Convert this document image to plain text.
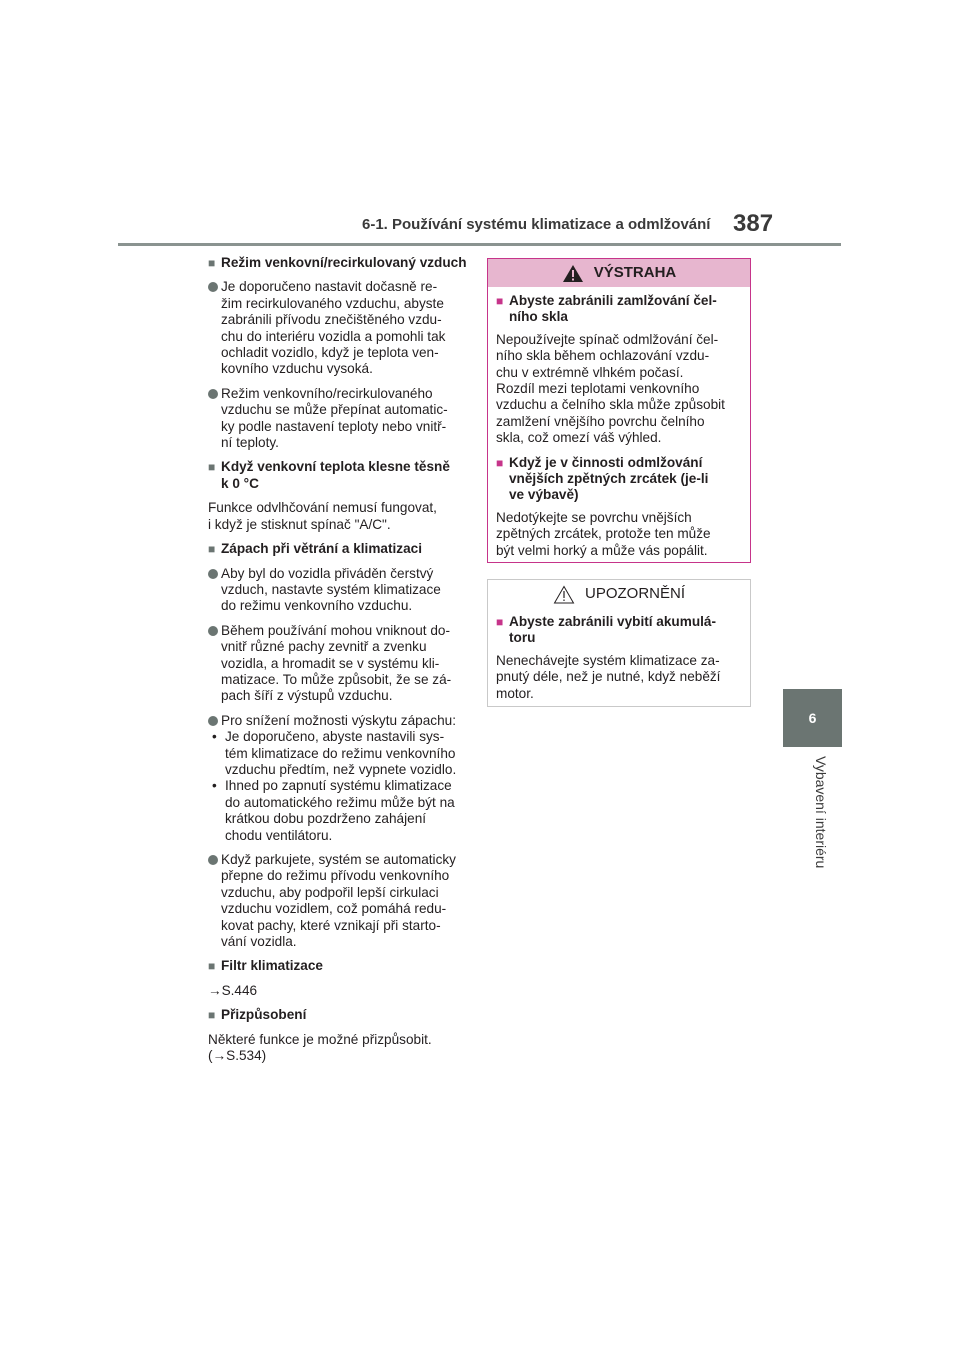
6-1. Používání systému klimatizace a odmlžování 387
6
Vybavení interiéru
■ Režim venkovní/recirkulovaný vzduch
Je doporučeno nastavit dočasně re-
žim recirkulovaného vzduchu, abyste
zabránili přívodu znečištěného vzdu-
chu do interiéru vozidla a pomohli tak
ochladit vozidlo, když je teplota ven-
kovního vzduchu vysoká.
Režim venkovního/recirkulovaného
vzduchu se může přepínat automatic-
ky podle nastavení teploty nebo vnitř-
ní teploty.
■ Když venkovní teplota klesne těsně
k 0 °C
Funkce odvlhčování nemusí fungovat,
i když je stisknut spínač "A/C".
■ Zápach při větrání a klimatizaci
Aby byl do vozidla přiváděn čerstvý
vzduch, nastavte systém klimatizace
do režimu venkovního vzduchu.
Během používání mohou vniknout do-
vnitř různé pachy zevnitř a zvenku
vozidla, a hromadit se v systému kli-
matizace. To může způsobit, že se zá-
pach šíří z výstupů vzduchu.
Pro snížení možnosti výskytu zápachu:
• Je doporučeno, abyste nastavili sys-
tém klimatizace do režimu venkovního
vzduchu předtím, než vypnete vozidlo.
• Ihned po zapnutí systému klimatizace
do automatického režimu může být na
krátkou dobu pozdrženo zahájení
chodu ventilátoru.
Když parkujete, systém se automaticky
přepne do režimu přívodu venkovního
vzduchu, aby podpořil lepší cirkulaci
vzduchu vozidlem, což pomáhá redu-
kovat pachy, které vznikají při starto-
vání vozidla.
■ Filtr klimatizace
→S.446
■ Přizpůsobení
Některé funkce je možné přizpůsobit.
(→S.534)
VÝSTRAHA
■ Abyste zabránili zamlžování čel-
ního skla
Nepoužívejte spínač odmlžování čel-
ního skla během ochlazování vzdu-
chu v extrémně vlhkém počasí.
Rozdíl mezi teplotami venkovního
vzduchu a čelního skla může způsobit
zamlžení vnějšího povrchu čelního
skla, což omezí váš výhled.
■ Když je v činnosti odmlžování
vnějších zpětných zrcátek (je-li
ve výbavě)
Nedotýkejte se povrchu vnějších
zpětných zrcátek, protože ten může
být velmi horký a může vás popálit.
UPOZORNĚNÍ
■ Abyste zabránili vybití akumulá-
toru
Nenechávejte systém klimatizace za-
pnutý déle, než je nutné, když neběží
motor.
